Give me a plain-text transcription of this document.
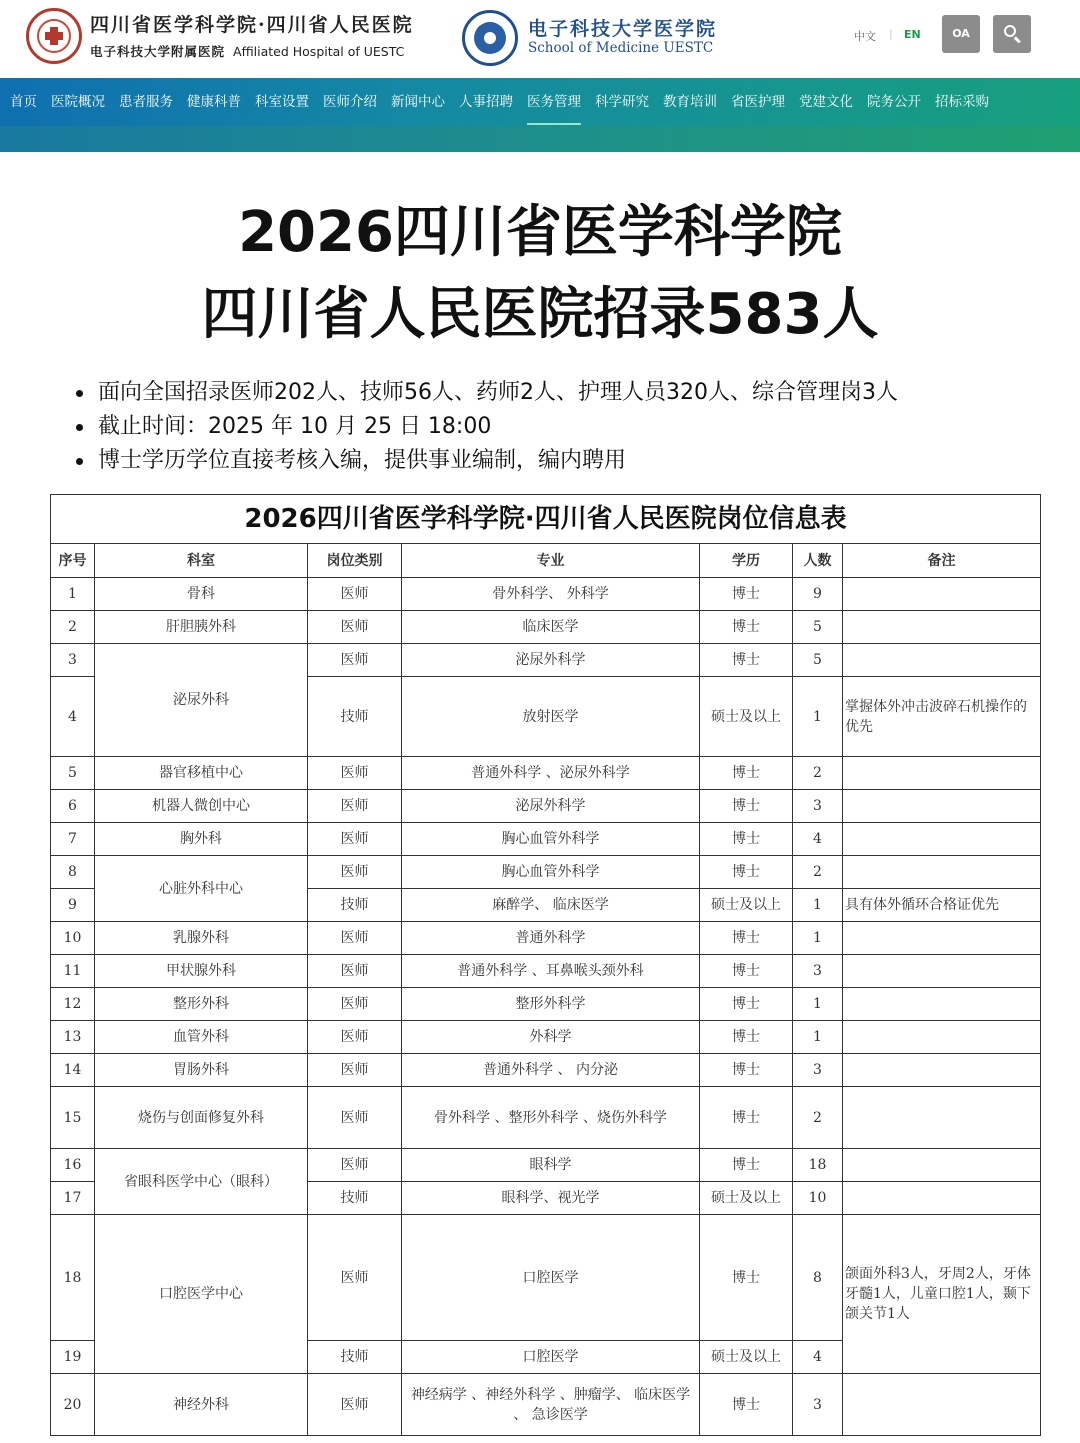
四川省医学科学院·四川省人民医院
电子科技大学附属医院 Affiliated Hospital of UESTC
电子科技大学医学院
School of Medicine UESTC
中文 | EN	OA
首页 医院概况 患者服务 健康科普 科室设置 医师介绍 新闻中心 人事招聘 医务管理 科学研究 教育培训 省医护理 党建文化 院务公开 招标采购
2026四川省医学科学院
四川省人民医院招录583人
面向全国招录医师202人、技师56人、药师2人、护理人员320人、综合管理岗3人
截止时间：2025 年 10 月 25 日 18:00
博士学历学位直接考核入编，提供事业编制，编内聘用
2026四川省医学科学院·四川省人民医院岗位信息表						
序号	科室	岗位类别	专业	学历	人数	备注
1	骨科	医师	骨外科学、 外科学	博士	9	
2	肝胆胰外科	医师	临床医学	博士	5	
3	泌尿外科	医师	泌尿外科学	博士	5	
4		技师	放射医学	硕士及以上	1	掌握体外冲击波碎石机操作的优先
5	器官移植中心	医师	普通外科学 、泌尿外科学	博士	2	
6	机器人微创中心	医师	泌尿外科学	博士	3	
7	胸外科	医师	胸心血管外科学	博士	4	
8	心脏外科中心	医师	胸心血管外科学	博士	2	
9		技师	麻醉学、 临床医学	硕士及以上	1	具有体外循环合格证优先
10	乳腺外科	医师	普通外科学	博士	1	
11	甲状腺外科	医师	普通外科学 、耳鼻喉头颈外科	博士	3	
12	整形外科	医师	整形外科学	博士	1	
13	血管外科	医师	外科学	博士	1	
14	胃肠外科	医师	普通外科学 、 内分泌	博士	3	
15	烧伤与创面修复外科	医师	骨外科学 、整形外科学 、烧伤外科学	博士	2	
16	省眼科医学中心（眼科）	医师	眼科学	博士	18	
17		技师	眼科学、视光学	硕士及以上	10	
18	口腔医学中心	医师	口腔医学	博士	8	颌面外科3人，牙周2人，牙体牙髓1人，儿童口腔1人，颞下颌关节1人
19		技师	口腔医学	硕士及以上	4	
20	神经外科	医师	神经病学 、神经外科学 、肿瘤学、 临床医学 、 急诊医学	博士	3	
